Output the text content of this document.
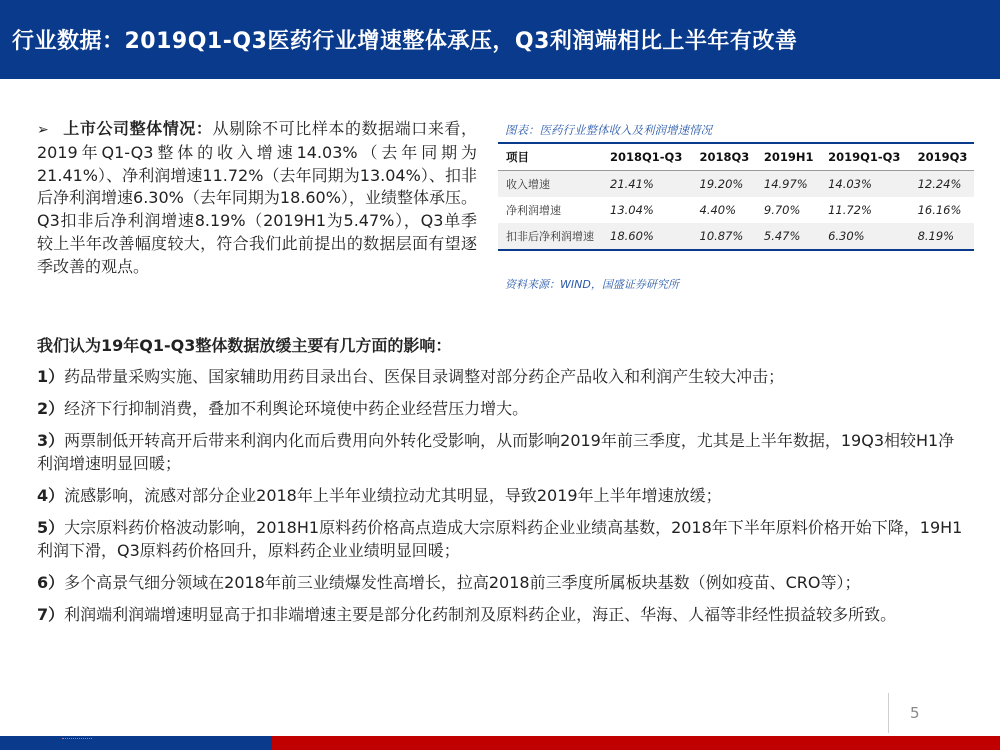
行业数据：2019Q1-Q3医药行业增速整体承压，Q3利润端相比上半年有改善
➢ 上市公司整体情况：从剔除不可比样本的数据端口来看，2019年Q1-Q3整体的收入增速14.03%（去年同期为21.41%）、净利润增速11.72%（去年同期为13.04%）、扣非后净利润增速6.30%（去年同期为18.60%），业绩整体承压。Q3扣非后净利润增速8.19%（2019H1为5.47%），Q3单季较上半年改善幅度较大，符合我们此前提出的数据层面有望逐季改善的观点。
图表：医药行业整体收入及利润增速情况
项目	2018Q1-Q3	2018Q3	2019H1	2019Q1-Q3	2019Q3
收入增速	21.41%	19.20%	14.97%	14.03%	12.24%
净利润增速	13.04%	4.40%	9.70%	11.72%	16.16%
扣非后净利润增速	18.60%	10.87%	5.47%	6.30%	8.19%
资料来源：WIND，国盛证券研究所

我们认为19年Q1-Q3整体数据放缓主要有几方面的影响：

1）药品带量采购实施、国家辅助用药目录出台、医保目录调整对部分药企产品收入和利润产生较大冲击；

2）经济下行抑制消费，叠加不利舆论环境使中药企业经营压力增大。

3）两票制低开转高开后带来利润内化而后费用向外转化受影响，从而影响2019年前三季度，尤其是上半年数据，19Q3相较H1净利润增速明显回暖；

4）流感影响，流感对部分企业2018年上半年业绩拉动尤其明显，导致2019年上半年增速放缓；

5）大宗原料药价格波动影响，2018H1原料药价格高点造成大宗原料药企业业绩高基数，2018年下半年原料价格开始下降，19H1利润下滑，Q3原料药价格回升，原料药企业业绩明显回暖；

6）多个高景气细分领域在2018年前三业绩爆发性高增长，拉高2018前三季度所属板块基数（例如疫苗、CRO等）；

7）利润端利润端增速明显高于扣非端增速主要是部分化药制剂及原料药企业，海正、华海、人福等非经性损益较多所致。

5
